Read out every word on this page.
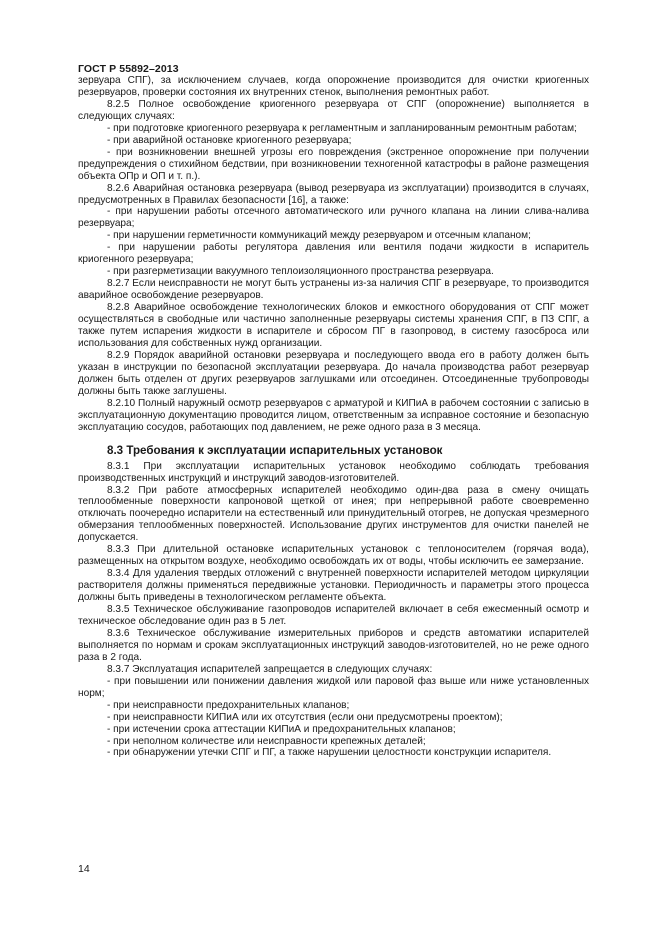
ГОСТ Р 55892–2013

зервуара СПГ), за исключением случаев, когда опорожнение производится для очистки криогенных резервуаров, проверки состояния их внутренних стенок, выполнения ремонтных работ.

8.2.5 Полное освобождение криогенного резервуара от СПГ (опорожнение) выполняется в следующих случаях:

- при подготовке криогенного резервуара к регламентным и запланированным ремонтным работам;

- при аварийной остановке криогенного резервуара;

- при возникновении внешней угрозы его повреждения (экстренное опорожнение при получении предупреждения о стихийном бедствии, при возникновении техногенной катастрофы в районе размещения объекта ОПр и ОП и т. п.).

8.2.6 Аварийная остановка резервуара (вывод резервуара из эксплуатации) производится в случаях, предусмотренных в Правилах безопасности [16], а также:

- при нарушении работы отсечного автоматического или ручного клапана на линии слива-налива резервуара;

- при нарушении герметичности коммуникаций между резервуаром и отсечным клапаном;

- при нарушении работы регулятора давления или вентиля подачи жидкости в испаритель криогенного резервуара;

- при разгерметизации вакуумного теплоизоляционного пространства резервуара.

8.2.7 Если неисправности не могут быть устранены из-за наличия СПГ в резервуаре, то производится аварийное освобождение резервуаров.

8.2.8 Аварийное освобождение технологических блоков и емкостного оборудования от СПГ может осуществляться в свободные или частично заполненные резервуары системы хранения СПГ, в ПЗ СПГ, а также путем испарения жидкости в испарителе и сбросом ПГ в газопровод, в систему газосброса или использования для собственных нужд организации.

8.2.9 Порядок аварийной остановки резервуара и последующего ввода его в работу должен быть указан в инструкции по безопасной эксплуатации резервуара. До начала производства работ резервуар должен быть отделен от других резервуаров заглушками или отсоединен. Отсоединенные трубопроводы должны быть также заглушены.

8.2.10 Полный наружный осмотр резервуаров с арматурой и КИПиА в рабочем состоянии с записью в эксплуатационную документацию проводится лицом, ответственным за исправное состояние и безопасную эксплуатацию сосудов, работающих под давлением, не реже одного раза в 3 месяца.

8.3 Требования к эксплуатации испарительных установок

8.3.1 При эксплуатации испарительных установок необходимо соблюдать требования производственных инструкций и инструкций заводов-изготовителей.

8.3.2 При работе атмосферных испарителей необходимо один-два раза в смену очищать теплообменные поверхности капроновой щеткой от инея; при непрерывной работе своевременно отключать поочередно испарители на естественный или принудительный отогрев, не допуская чрезмерного обмерзания теплообменных поверхностей. Использование других инструментов для очистки панелей не допускается.

8.3.3 При длительной остановке испарительных установок с теплоносителем (горячая вода), размещенных на открытом воздухе, необходимо освобождать их от воды, чтобы исключить ее замерзание.

8.3.4 Для удаления твердых отложений с внутренней поверхности испарителей методом циркуляции растворителя должны применяться передвижные установки. Периодичность и параметры этого процесса должны быть приведены в технологическом регламенте объекта.

8.3.5 Техническое обслуживание газопроводов испарителей включает в себя ежесменный осмотр и техническое обследование один раз в 5 лет.

8.3.6 Техническое обслуживание измерительных приборов и средств автоматики испарителей выполняется по нормам и срокам эксплуатационных инструкций заводов-изготовителей, но не реже одного раза в 2 года.

8.3.7 Эксплуатация испарителей запрещается в следующих случаях:

- при повышении или понижении давления жидкой или паровой фаз выше или ниже установленных норм;

- при неисправности предохранительных клапанов;

- при неисправности КИПиА или их отсутствия (если они предусмотрены проектом);

- при истечении срока аттестации КИПиА и предохранительных клапанов;

- при неполном количестве или неисправности крепежных деталей;

- при обнаружении утечки СПГ и ПГ, а также нарушении целостности конструкции испарителя.

14
